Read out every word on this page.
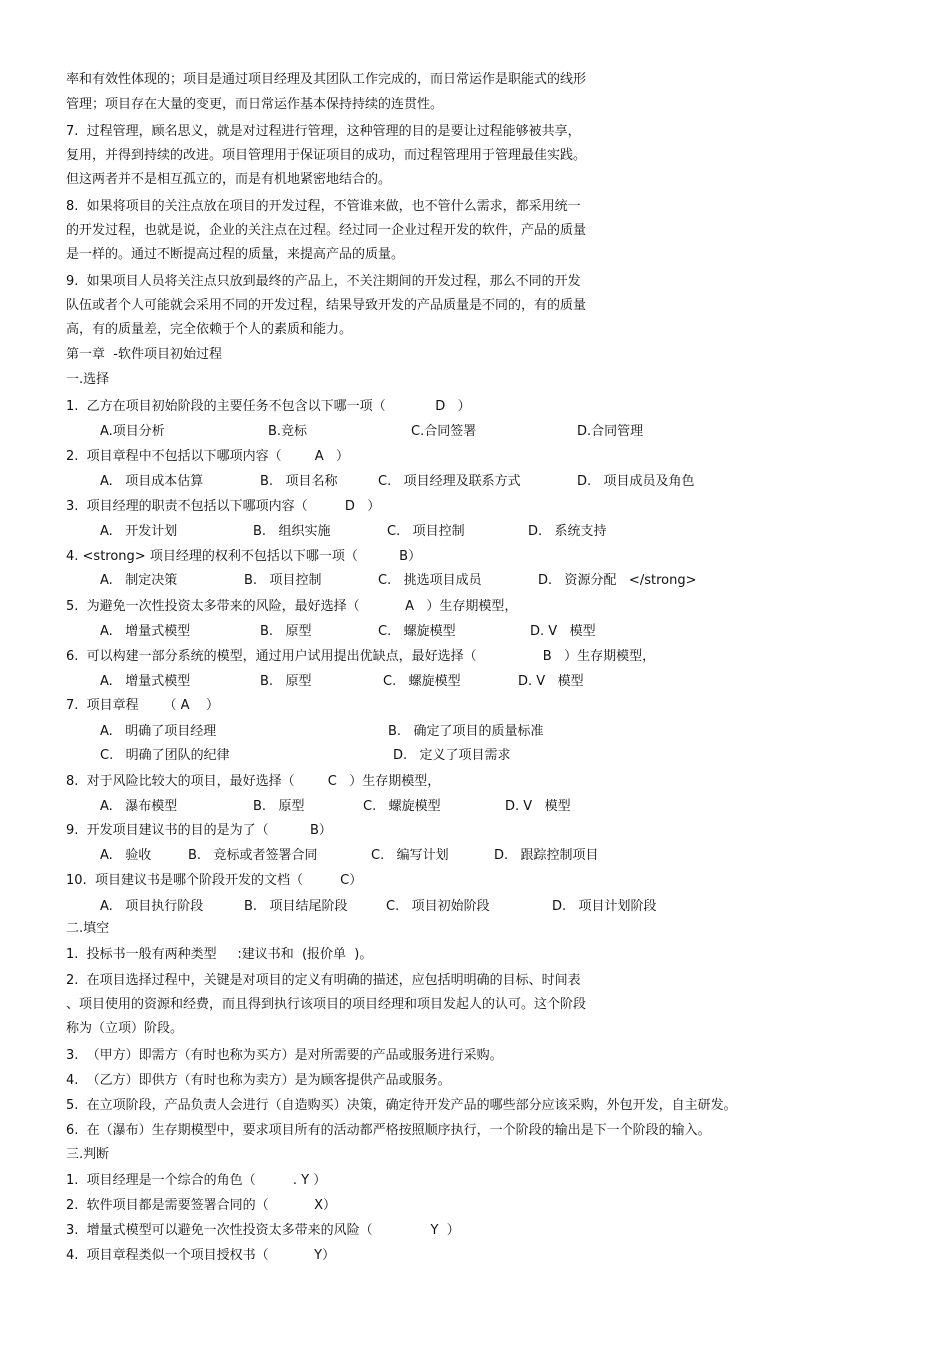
率和有效性体现的；项目是通过项目经理及其团队工作完成的，而日常运作是职能式的线形
管理；项目存在大量的变更，而日常运作基本保持持续的连贯性。
7.  过程管理，顾名思义，就是对过程进行管理，这种管理的目的是要让过程能够被共享，
复用，并得到持续的改进。项目管理用于保证项目的成功，而过程管理用于管理最佳实践。
但这两者并不是相互孤立的，而是有机地紧密地结合的。
8.  如果将项目的关注点放在项目的开发过程，不管谁来做，也不管什么需求，都采用统一
的开发过程，也就是说，企业的关注点在过程。经过同一企业过程开发的软件，产品的质量
是一样的。通过不断提高过程的质量，来提高产品的质量。
9.  如果项目人员将关注点只放到最终的产品上，不关注期间的开发过程，那么不同的开发
队伍或者个人可能就会采用不同的开发过程，结果导致开发的产品质量是不同的，有的质量
高，有的质量差，完全依赖于个人的素质和能力。
第一章  -软件项目初始过程
一.选择
1.  乙方在项目初始阶段的主要任务不包含以下哪一项（            D   ）
A.项目分析	B.竞标	C.合同签署	D.合同管理
2.  项目章程中不包括以下哪项内容（        A   ）
A.   项目成本估算	B.   项目名称	C.   项目经理及联系方式	D.   项目成员及角色
3.  项目经理的职责不包括以下哪项内容（         D   ）
A.   开发计划	B.   组织实施	C.   项目控制	D.   系统支持
4. <strong> 项目经理的权利不包括以下哪一项（          B）
A.   制定决策	B.   项目控制	C.   挑选项目成员	D.   资源分配   </strong>
5.  为避免一次性投资太多带来的风险，最好选择（           A   ）生存期模型，
A.   增量式模型	B.   原型	C.   螺旋模型	D. V   模型
6.  可以构建一部分系统的模型，通过用户试用提出优缺点，最好选择（                B   ）生存期模型，
A.   增量式模型	B.   原型	C.   螺旋模型	D. V   模型
7.  项目章程      （ A    ）
A.   明确了项目经理	B.   确定了项目的质量标准
C.   明确了团队的纪律	D.   定义了项目需求
8.  对于风险比较大的项目，最好选择（        C   ）生存期模型，
A.   瀑布模型	B.   原型	C.   螺旋模型	D. V   模型
9.  开发项目建议书的目的是为了（          B）
A.   验收	B.   竞标或者签署合同	C.   编写计划	D.   跟踪控制项目
10.  项目建议书是哪个阶段开发的文档（         C）
A.   项目执行阶段	B.   项目结尾阶段	C.   项目初始阶段	D.   项目计划阶段
二.填空
1.  投标书一般有两种类型     :建议书和  (报价单  )。
2.  在项目选择过程中，关键是对项目的定义有明确的描述，应包括明明确的目标、时间表
、项目使用的资源和经费，而且得到执行该项目的项目经理和项目发起人的认可。这个阶段
称为（立项）阶段。
3.  （甲方）即需方（有时也称为买方）是对所需要的产品或服务进行采购。
4.  （乙方）即供方（有时也称为卖方）是为顾客提供产品或服务。
5.  在立项阶段，产品负责人会进行（自造购买）决策，确定待开发产品的哪些部分应该采购，外包开发，自主研发。
6.  在（瀑布）生存期模型中，要求项目所有的活动都严格按照顺序执行，一个阶段的输出是下一个阶段的输入。
三.判断
1.  项目经理是一个综合的角色（         . Y ）
2.  软件项目都是需要签署合同的（           X）
3.  增量式模型可以避免一次性投资太多带来的风险（              Y  ）
4.  项目章程类似一个项目授权书（           Y）
